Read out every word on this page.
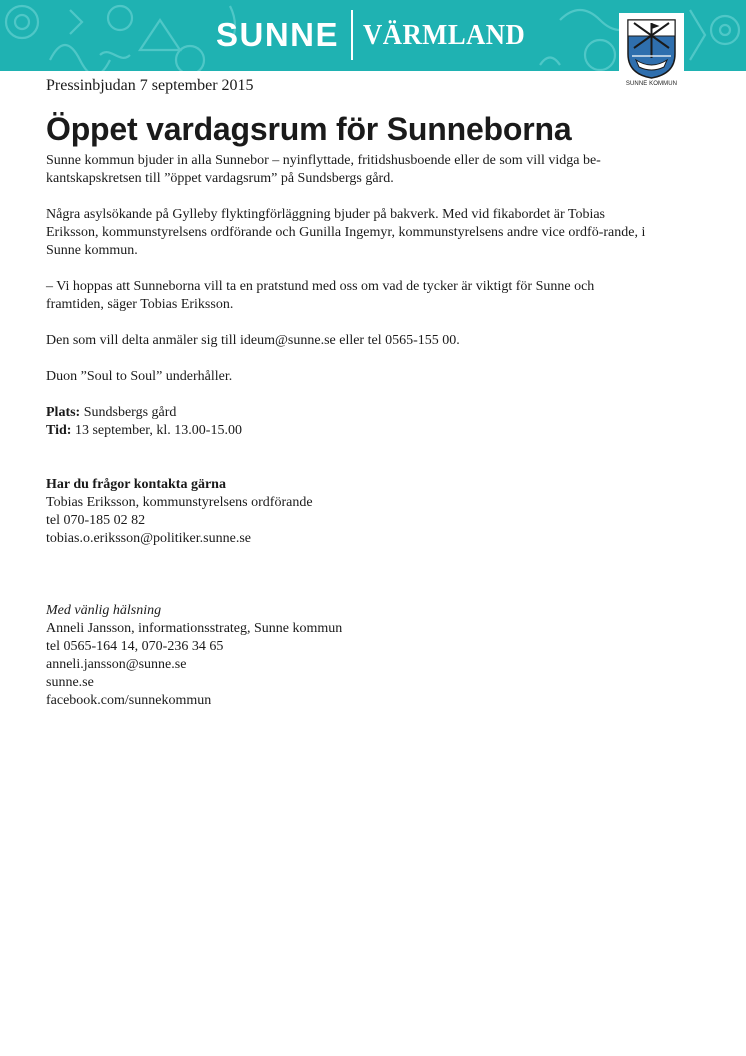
SUNNE VÄRMLAND
SUNNE KOMMUN

Pressinbjudan 7 september 2015

Öppet vardagsrum för Sunneborna

Sunne kommun bjuder in alla Sunnebor – nyinflyttade, fritidshusboende eller de som vill vidga be-kantskapskretsen till ”öppet vardagsrum” på Sundsbergs gård.

Några asylsökande på Gylleby flyktingförläggning bjuder på bakverk. Med vid fikabordet är Tobias Eriksson, kommunstyrelsens ordförande och Gunilla Ingemyr, kommunstyrelsens andre vice ordfö-rande, i Sunne kommun.

– Vi hoppas att Sunneborna vill ta en pratstund med oss om vad de tycker är viktigt för Sunne och framtiden, säger Tobias Eriksson.

Den som vill delta anmäler sig till ideum@sunne.se eller tel 0565-155 00.

Duon ”Soul to Soul” underhåller.

Plats: Sundsbergs gård
Tid: 13 september, kl. 13.00-15.00
Har du frågor kontakta gärna
Tobias Eriksson, kommunstyrelsens ordförande
tel 070-185 02 82
tobias.o.eriksson@politiker.sunne.se
Med vänlig hälsning
Anneli Jansson, informationsstrateg, Sunne kommun
tel 0565-164 14, 070-236 34 65
anneli.jansson@sunne.se
sunne.se
facebook.com/sunnekommun
